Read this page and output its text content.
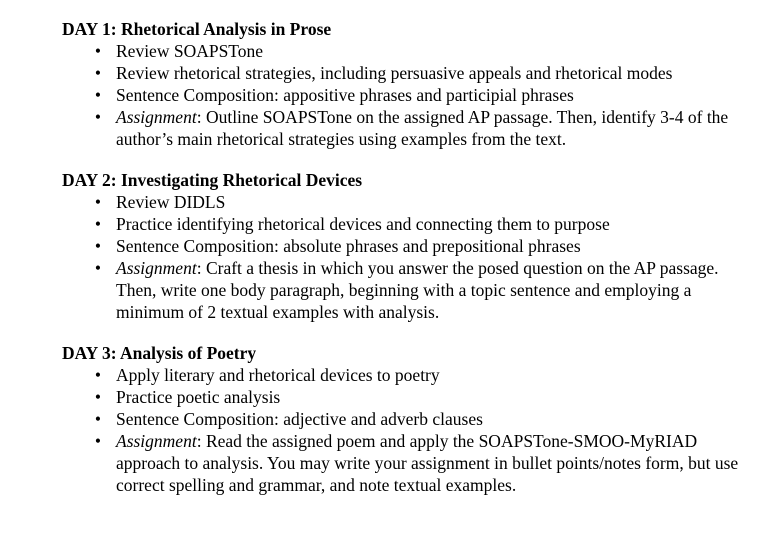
DAY 1: Rhetorical Analysis in Prose

• Review SOAPSTone
• Review rhetorical strategies, including persuasive appeals and rhetorical modes
• Sentence Composition: appositive phrases and participial phrases
• Assignment: Outline SOAPSTone on the assigned AP passage. Then, identify 3-4 of the author’s main rhetorical strategies using examples from the text.

DAY 2: Investigating Rhetorical Devices

• Review DIDLS
• Practice identifying rhetorical devices and connecting them to purpose
• Sentence Composition: absolute phrases and prepositional phrases
• Assignment: Craft a thesis in which you answer the posed question on the AP passage. Then, write one body paragraph, beginning with a topic sentence and employing a minimum of 2 textual examples with analysis.

DAY 3: Analysis of Poetry

• Apply literary and rhetorical devices to poetry
• Practice poetic analysis
• Sentence Composition: adjective and adverb clauses
• Assignment: Read the assigned poem and apply the SOAPSTone-SMOO-MyRIAD approach to analysis. You may write your assignment in bullet points/notes form, but use correct spelling and grammar, and note textual examples.
